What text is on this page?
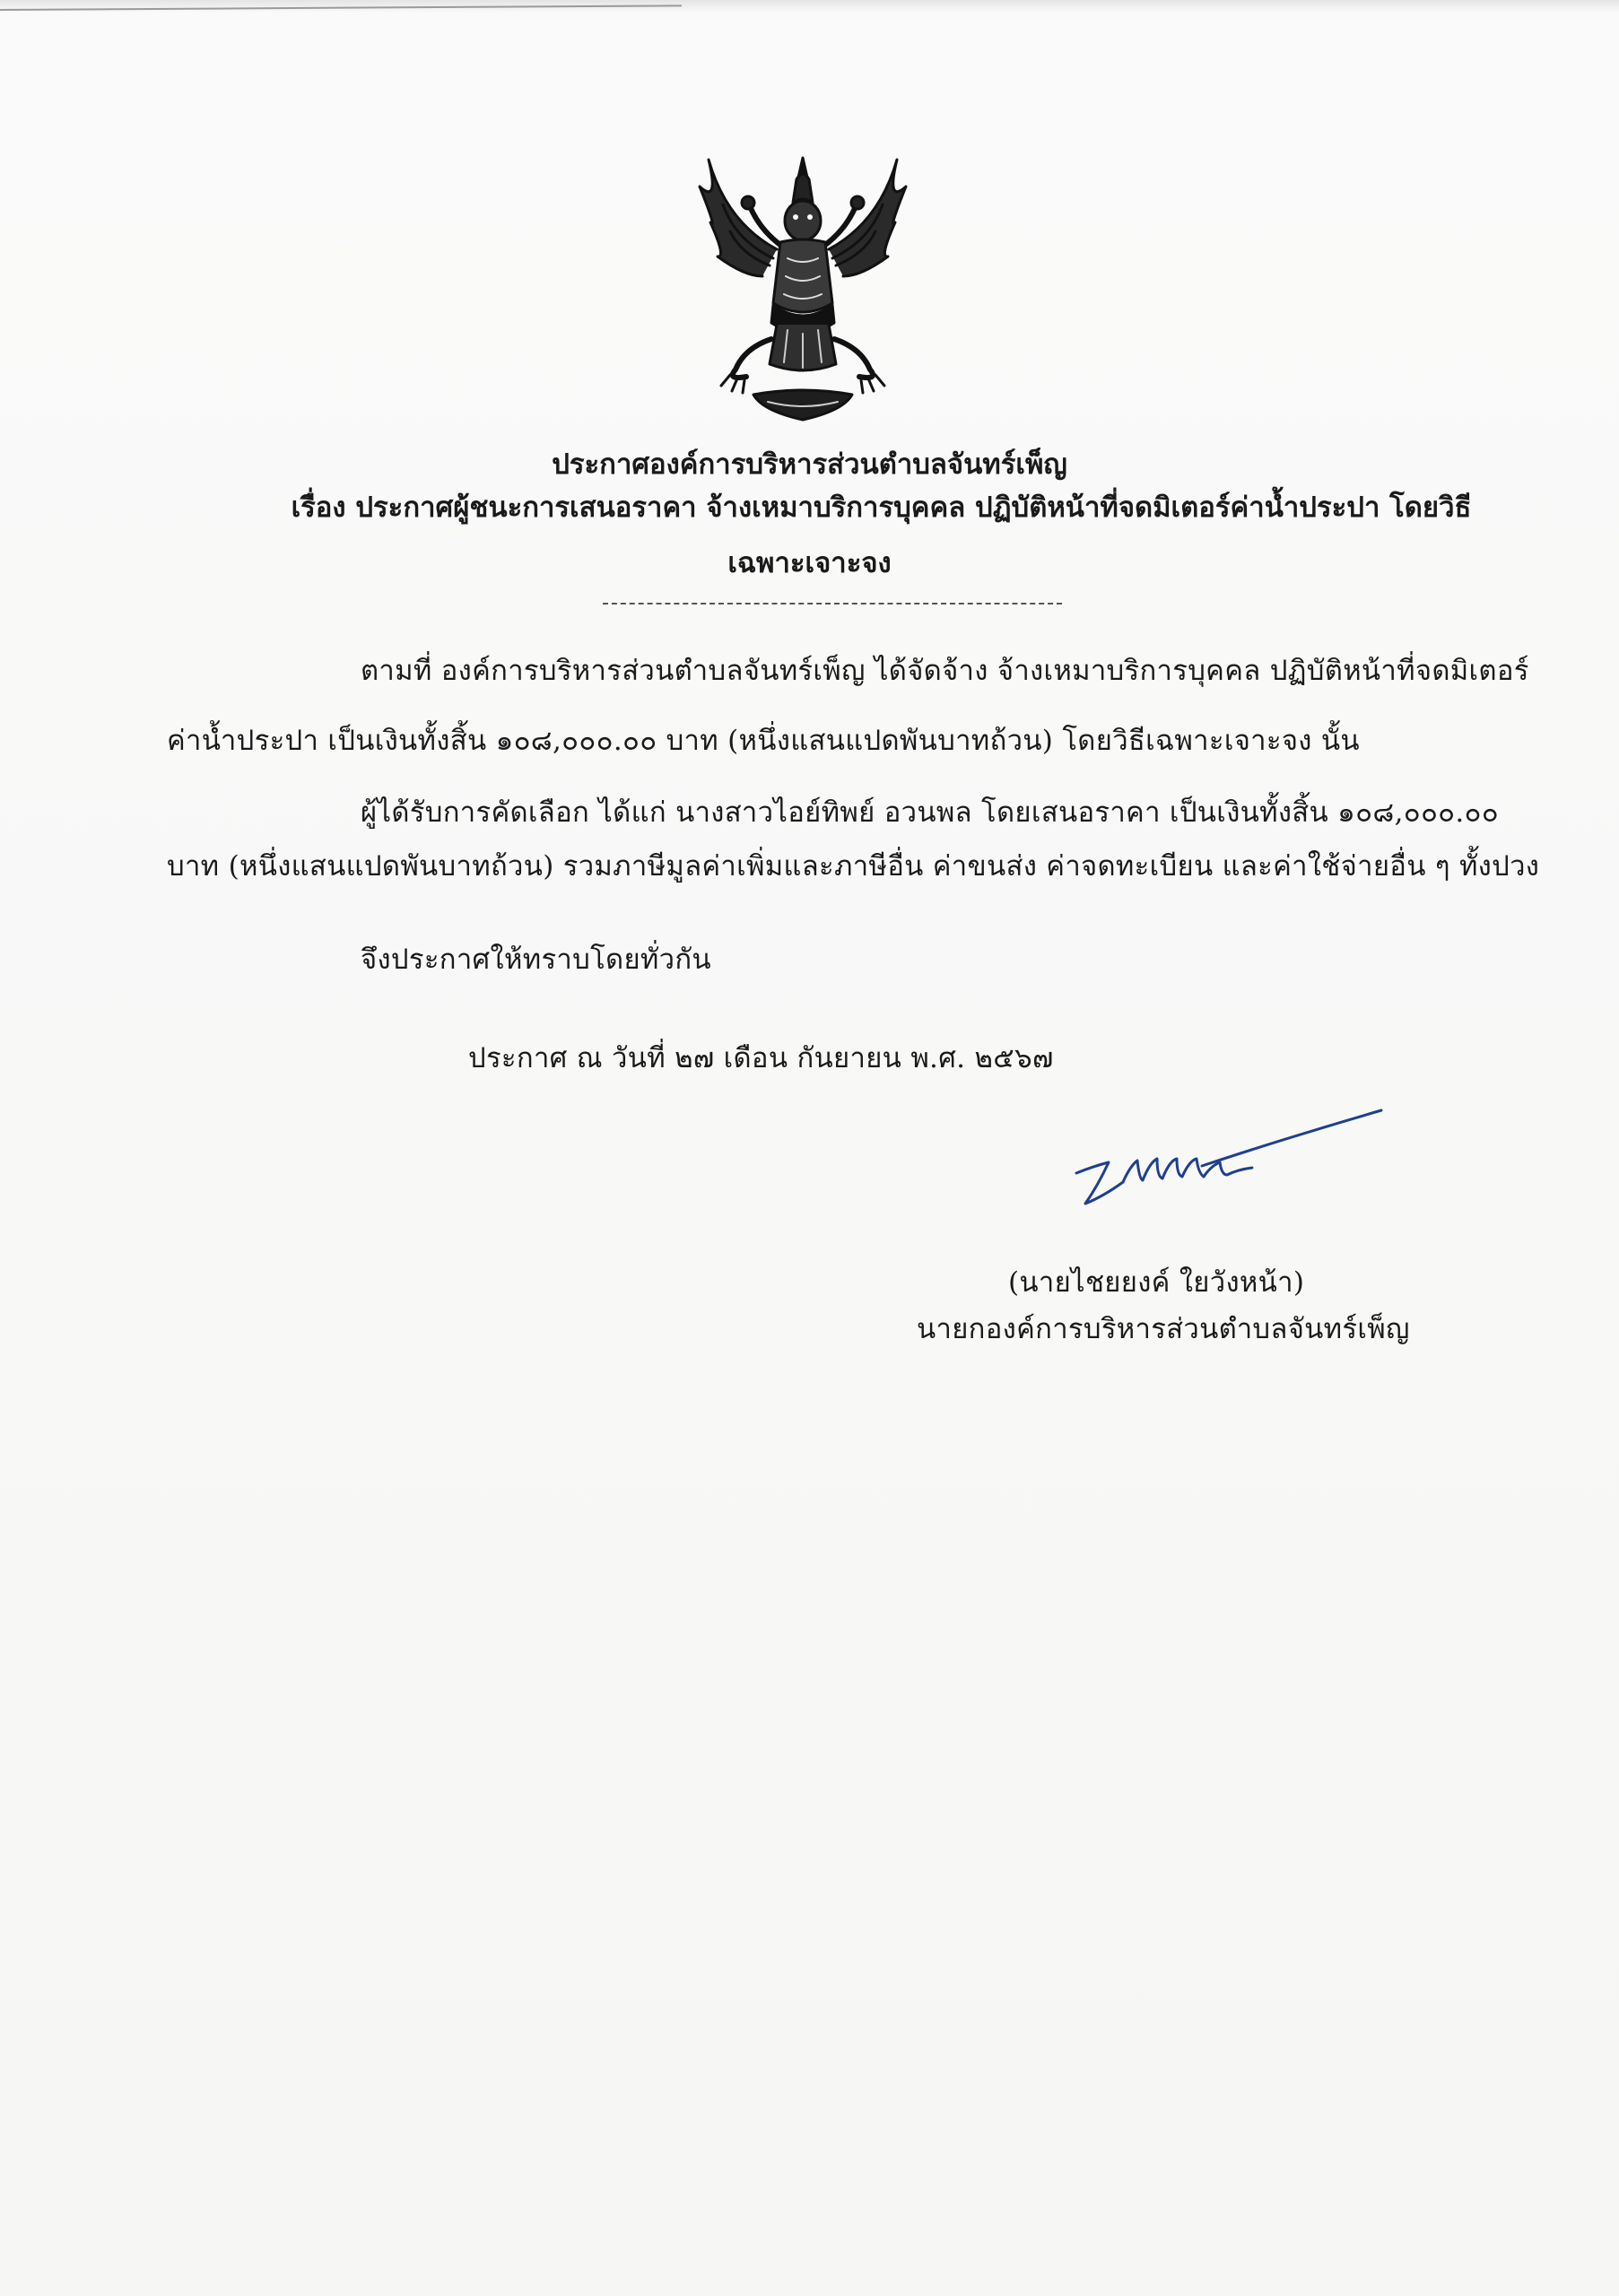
ประกาศองค์การบริหารส่วนตำบลจันทร์เพ็ญ
เรื่อง ประกาศผู้ชนะการเสนอราคา จ้างเหมาบริการบุคคล ปฏิบัติหน้าที่จดมิเตอร์ค่าน้ำประปา โดยวิธี
เฉพาะเจาะจง
ตามที่ องค์การบริหารส่วนตำบลจันทร์เพ็ญ ได้จัดจ้าง จ้างเหมาบริการบุคคล ปฏิบัติหน้าที่จดมิเตอร์
ค่าน้ำประปา เป็นเงินทั้งสิ้น ๑๐๘,๐๐๐.๐๐ บาท (หนึ่งแสนแปดพันบาทถ้วน) โดยวิธีเฉพาะเจาะจง นั้น
ผู้ได้รับการคัดเลือก ได้แก่ นางสาวไอย์ทิพย์ อวนพล โดยเสนอราคา เป็นเงินทั้งสิ้น ๑๐๘,๐๐๐.๐๐
บาท (หนึ่งแสนแปดพันบาทถ้วน) รวมภาษีมูลค่าเพิ่มและภาษีอื่น ค่าขนส่ง ค่าจดทะเบียน และค่าใช้จ่ายอื่น ๆ ทั้งปวง
จึงประกาศให้ทราบโดยทั่วกัน
ประกาศ ณ วันที่ ๒๗ เดือน กันยายน พ.ศ. ๒๕๖๗
(นายไชยยงค์ ใยวังหน้า)
นายกองค์การบริหารส่วนตำบลจันทร์เพ็ญ
